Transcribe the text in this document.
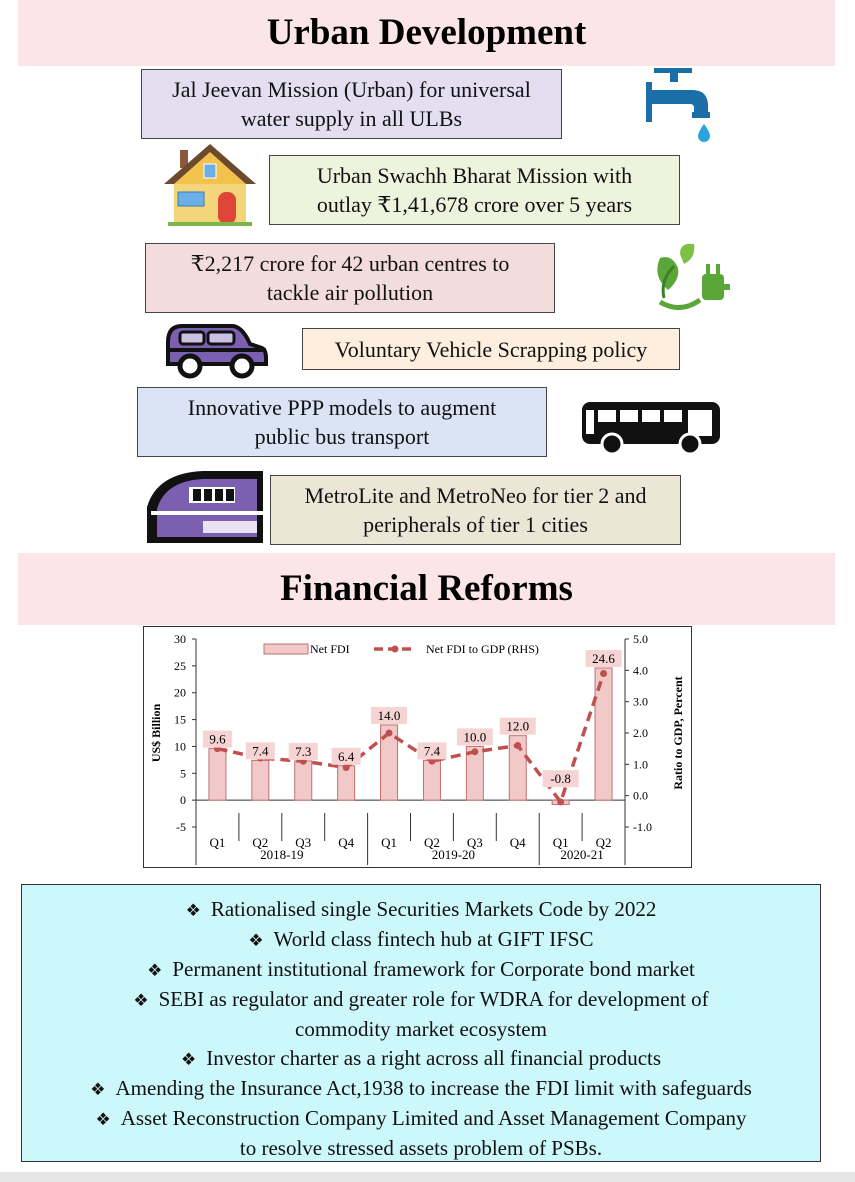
Urban Development
Jal Jeevan Mission (Urban) for universal
water supply in all ULBs
Urban Swachh Bharat Mission with
outlay ₹1,41,678 crore over 5 years
₹2,217 crore for 42 urban centres to
tackle air pollution
Voluntary Vehicle Scrapping policy
Innovative PPP models to augment
public bus transport
MetroLite and MetroNeo for tier 2 and
peripherals of tier 1 cities
Financial Reforms
30
25
20
15
10
5
0
-5
5.0
4.0
3.0
2.0
1.0
0.0
-1.0
US$ Billion	Ratio to GDP, Percent
9.6
7.4 7.3 6.4
14.0
7.4
10.0
12.0
-0.8
24.6
Q1 Q2 Q3 Q4 Q1 Q2 Q3 Q4 Q1 Q2
2018-19	2019-20	2020-21
Net FDI	Net FDI to GDP (RHS)
❖ Rationalised single Securities Markets Code by 2022
❖ World class fintech hub at GIFT IFSC
❖ Permanent institutional framework for Corporate bond market
❖ SEBI as regulator and greater role for WDRA for development of
commodity market ecosystem
❖ Investor charter as a right across all financial products
❖ Amending the Insurance Act,1938 to increase the FDI limit with safeguards
❖ Asset Reconstruction Company Limited and Asset Management Company
to resolve stressed assets problem of PSBs.
